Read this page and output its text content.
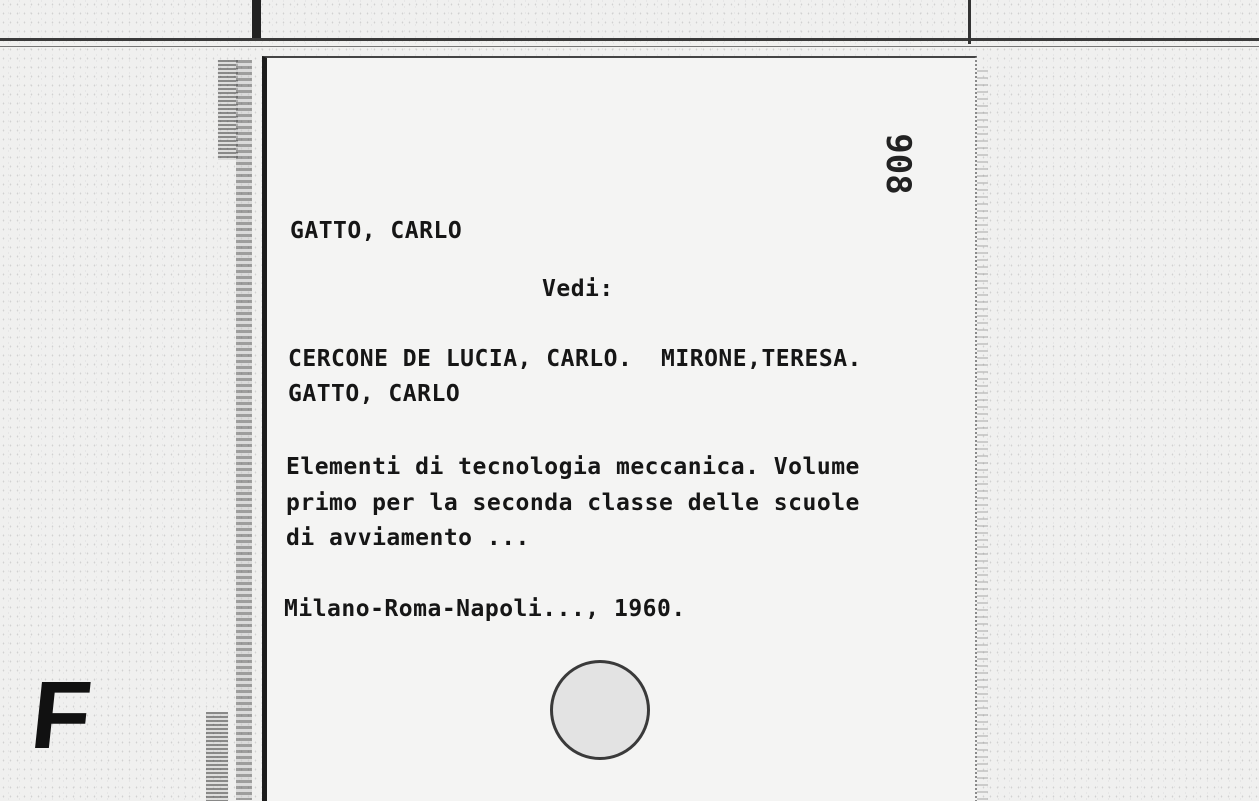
908
GATTO, CARLO
Vedi:
CERCONE DE LUCIA, CARLO.  MIRONE,TERESA.
GATTO, CARLO
Elementi di tecnologia meccanica. Volume
primo per la seconda classe delle scuole
di avviamento ...
Milano-Roma-Napoli..., 1960.
F
